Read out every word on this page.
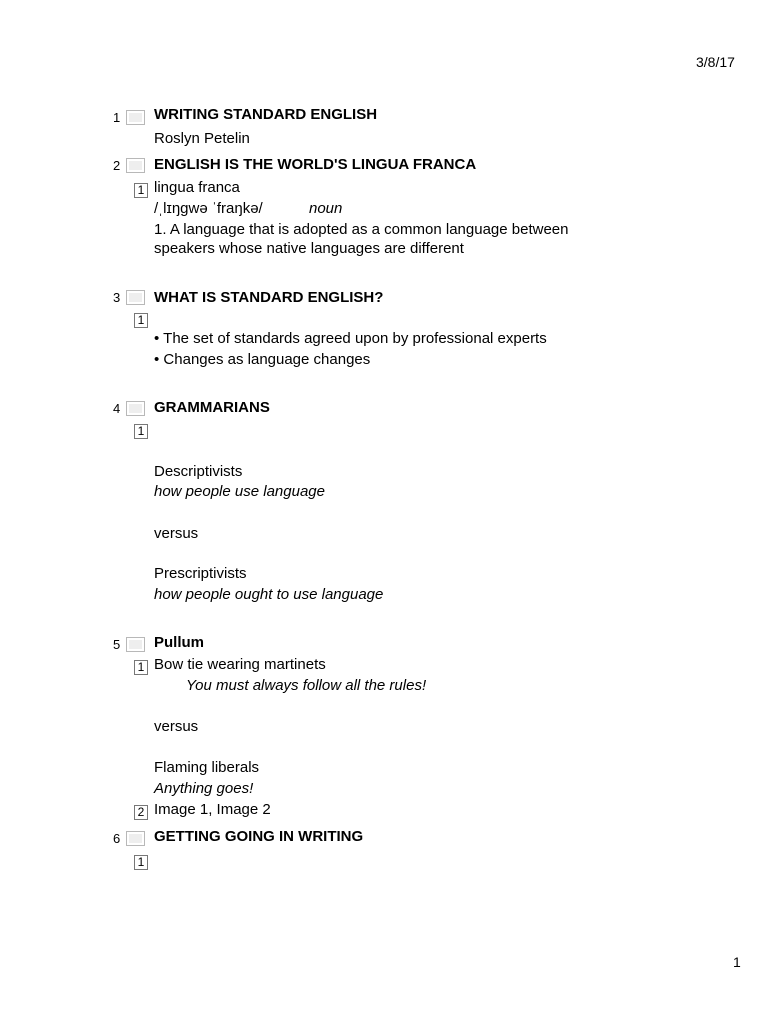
3/8/17
1 WRITING STANDARD ENGLISH
Roslyn Petelin
2 ENGLISH IS THE WORLD'S LINGUA FRANCA
1 lingua franca
/ˌlɪŋɡwə ˈfraŋkə/	noun
1. A language that is adopted as a common language between
speakers whose native languages are different
3 WHAT IS STANDARD ENGLISH?
1
• The set of standards agreed upon by professional experts
• Changes as language changes
4 GRAMMARIANS
1
Descriptivists
how people use language
versus
Prescriptivists
how people ought to use language
5 Pullum
1 Bow tie wearing martinets
You must always follow all the rules!
versus
Flaming liberals
Anything goes!
2 Image 1, Image 2
6 GETTING GOING IN WRITING
1
1
